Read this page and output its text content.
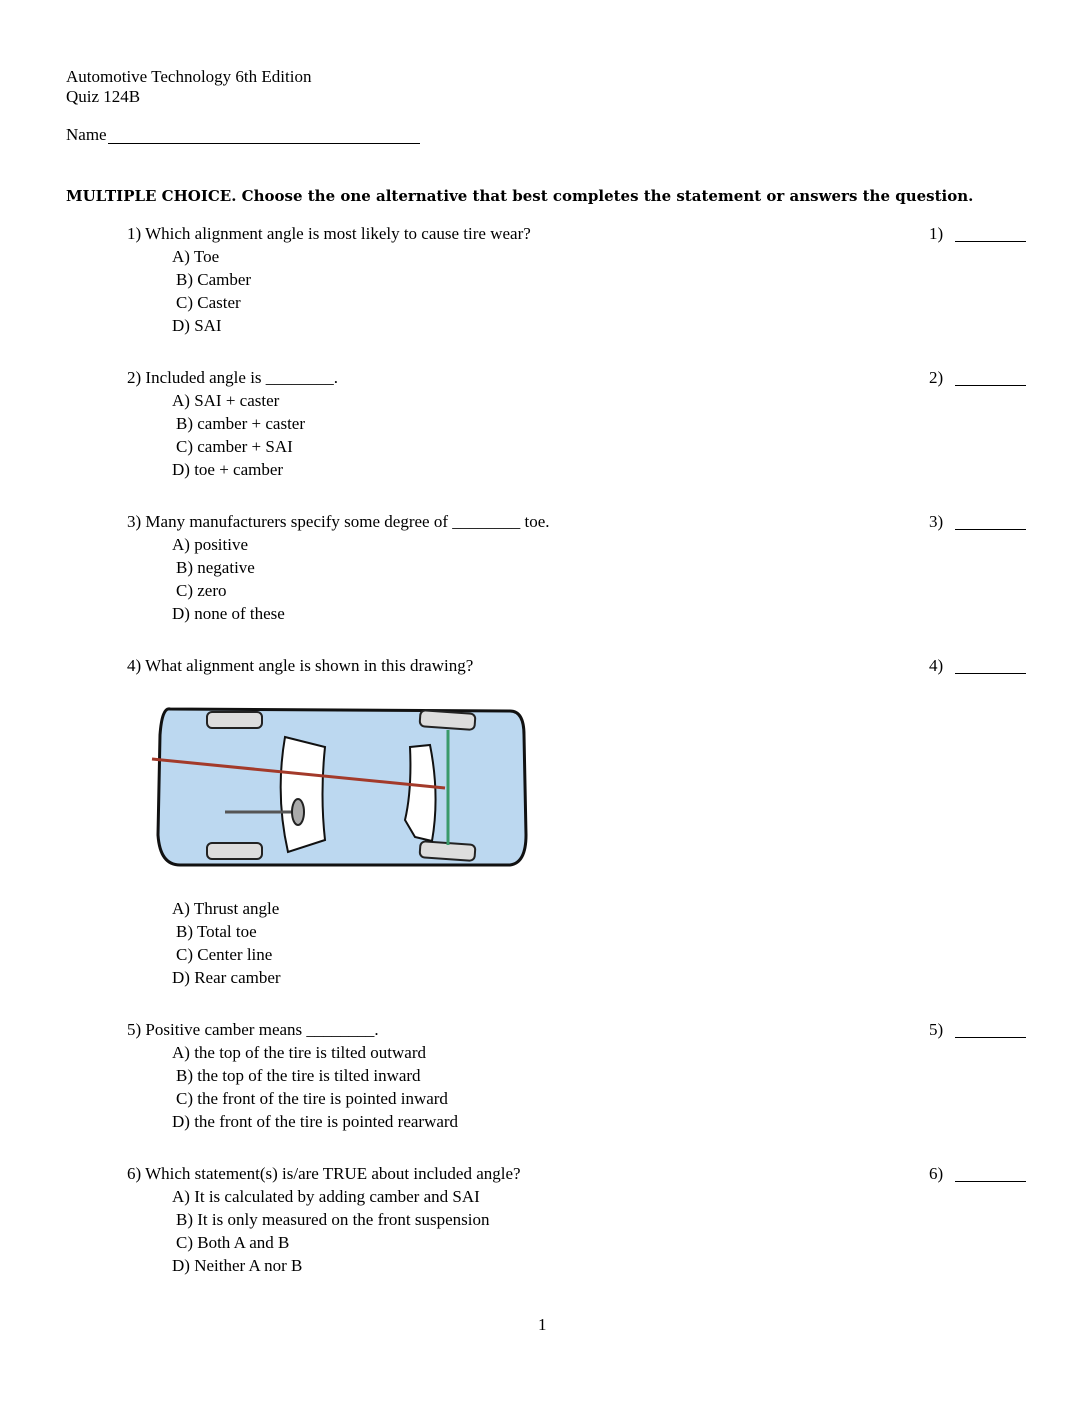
Automotive Technology 6th Edition
Quiz 124B
Name
MULTIPLE CHOICE. Choose the one alternative that best completes the statement or answers the question.
1) Which alignment angle is most likely to cause tire wear?	1)
A) Toe
B) Camber
C) Caster
D) SAI
2) Included angle is ________.	2)
A) SAI + caster
B) camber + caster
C) camber + SAI
D) toe + camber
3) Many manufacturers specify some degree of ________ toe.	3)
A) positive
B) negative
C) zero
D) none of these
4) What alignment angle is shown in this drawing?	4)
A) Thrust angle
B) Total toe
C) Center line
D) Rear camber
5) Positive camber means ________.	5)
A) the top of the tire is tilted outward
B) the top of the tire is tilted inward
C) the front of the tire is pointed inward
D) the front of the tire is pointed rearward
6) Which statement(s) is/are TRUE about included angle?	6)
A) It is calculated by adding camber and SAI
B) It is only measured on the front suspension
C) Both A and B
D) Neither A nor B
1
